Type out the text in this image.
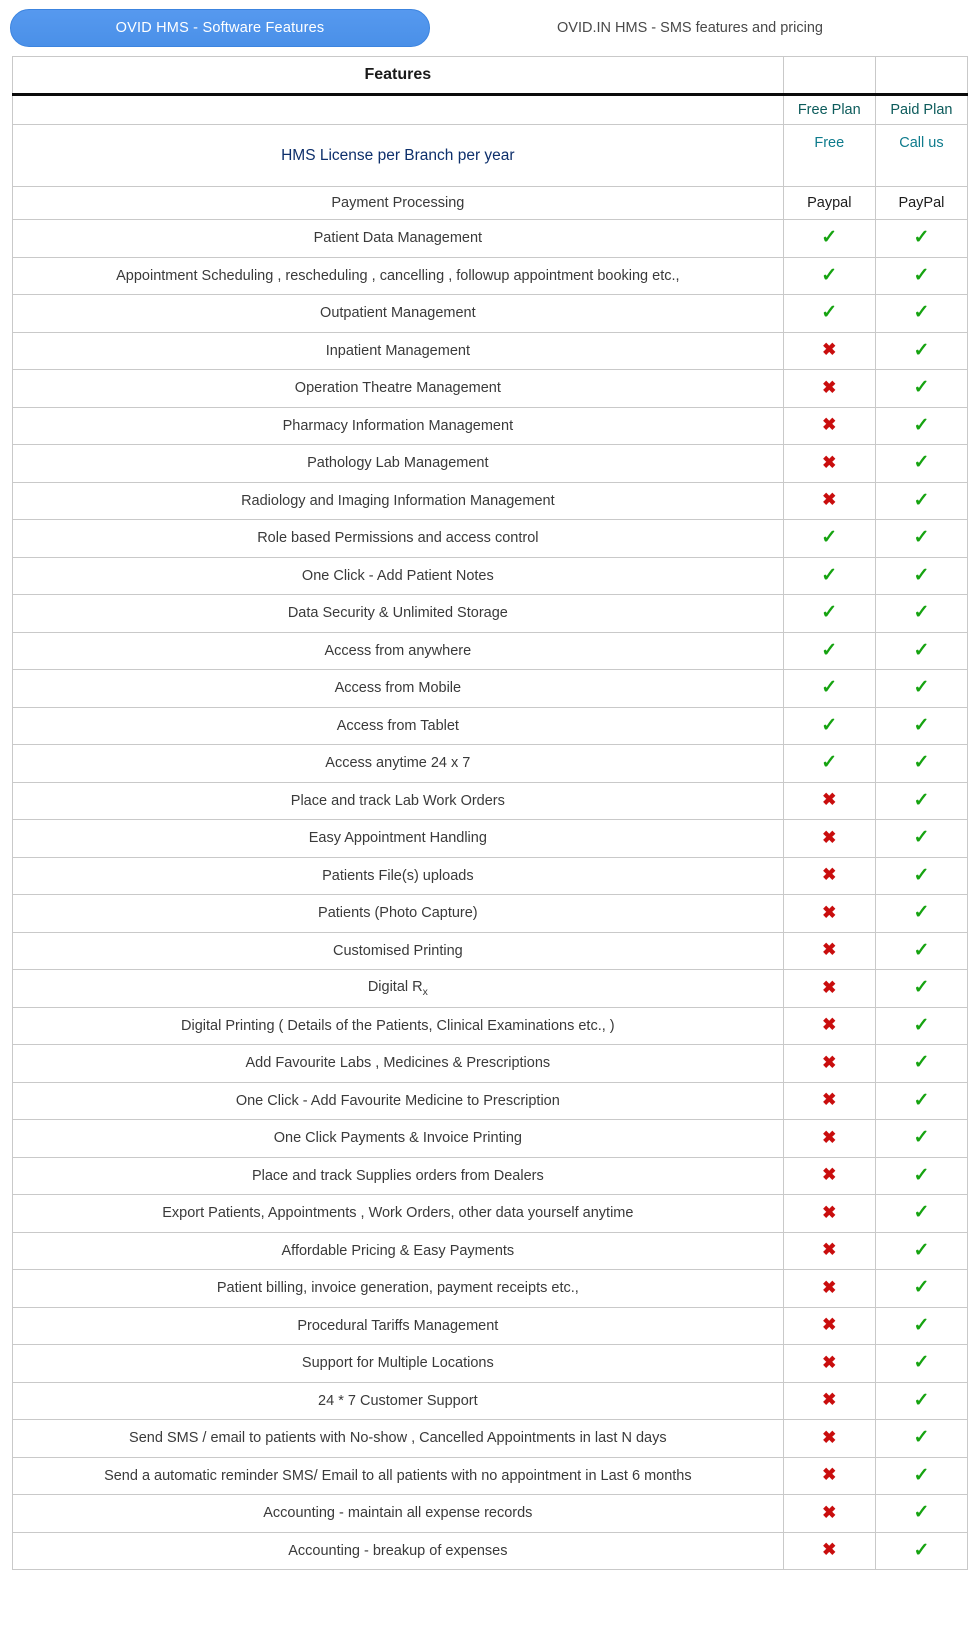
OVID HMS - Software Features	OVID.IN HMS - SMS features and pricing
Features		
	Free Plan	Paid Plan
HMS License per Branch per year	Free	Call us
Payment Processing	Paypal	PayPal
Patient Data Management	✓	✓
Appointment Scheduling , rescheduling , cancelling , followup appointment booking etc.,	✓	✓
Outpatient Management	✓	✓
Inpatient Management	✖	✓
Operation Theatre Management	✖	✓
Pharmacy Information Management	✖	✓
Pathology Lab Management	✖	✓
Radiology and Imaging Information Management	✖	✓
Role based Permissions and access control	✓	✓
One Click - Add Patient Notes	✓	✓
Data Security & Unlimited Storage	✓	✓
Access from anywhere	✓	✓
Access from Mobile	✓	✓
Access from Tablet	✓	✓
Access anytime 24 x 7	✓	✓
Place and track Lab Work Orders	✖	✓
Easy Appointment Handling	✖	✓
Patients File(s) uploads	✖	✓
Patients (Photo Capture)	✖	✓
Customised Printing	✖	✓
Digital $R_x$	✖	✓
Digital Printing ( Details of the Patients, Clinical Examinations etc., )	✖	✓
Add Favourite Labs , Medicines & Prescriptions	✖	✓
One Click - Add Favourite Medicine to Prescription	✖	✓
One Click Payments & Invoice Printing	✖	✓
Place and track Supplies orders from Dealers	✖	✓
Export Patients, Appointments , Work Orders, other data yourself anytime	✖	✓
Affordable Pricing & Easy Payments	✖	✓
Patient billing, invoice generation, payment receipts etc.,	✖	✓
Procedural Tariffs Management	✖	✓
Support for Multiple Locations	✖	✓
24 * 7 Customer Support	✖	✓
Send SMS / email to patients with No-show , Cancelled Appointments in last N days	✖	✓
Send a automatic reminder SMS/ Email to all patients with no appointment in Last 6 months	✖	✓
Accounting - maintain all expense records	✖	✓
Accounting - breakup of expenses	✖	✓
